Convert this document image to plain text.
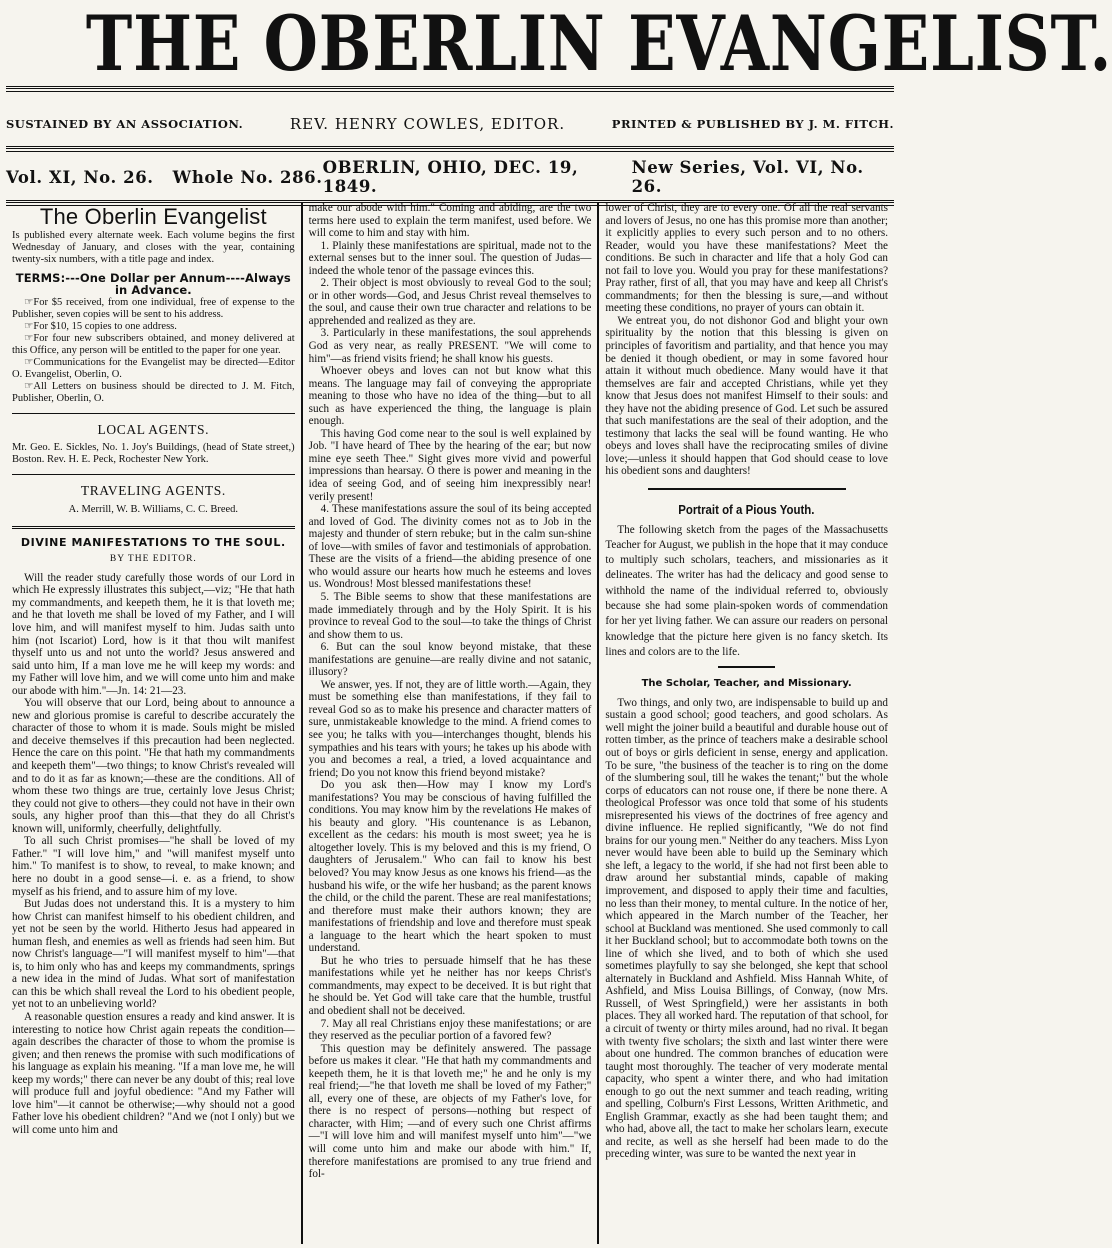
THE OBERLIN EVANGELIST.
SUSTAINED BY AN ASSOCIATION.	REV. HENRY COWLES, EDITOR.	PRINTED & PUBLISHED BY J. M. FITCH.
Vol. XI, No. 26.   Whole No. 286. OBERLIN, OHIO, DEC. 19, 1849.
New Series, Vol. VI, No. 26.
The Oberlin Evangelist

Is published every alternate week. Each volume begins the first Wednesday of January, and closes with the year, containing twenty-six numbers, with a title page and index.

TERMS:---One Dollar per Annum----Always in Advance.

☞For $5 received, from one individual, free of expense to the Publisher, seven copies will be sent to his address.

☞For $10, 15 copies to one address.

☞For four new subscribers obtained, and money delivered at this Office, any person will be entitled to the paper for one year.

☞Communications for the Evangelist may be directed—Editor O. Evangelist, Oberlin, O.

☞All Letters on business should be directed to J. M. Fitch, Publisher, Oberlin, O.

LOCAL AGENTS.

Mr. Geo. E. Sickles, No. 1. Joy's Buildings, (head of State street,) Boston. Rev. H. E. Peck, Rochester New York.

TRAVELING AGENTS.

A. Merrill, W. B. Williams, C. C. Breed.

DIVINE MANIFESTATIONS TO THE SOUL.
BY THE EDITOR.

Will the reader study carefully those words of our Lord in which He expressly illustrates this subject,—viz; "He that hath my commandments, and keepeth them, he it is that loveth me; and he that loveth me shall be loved of my Father, and I will love him, and will manifest myself to him. Judas saith unto him (not Iscariot) Lord, how is it that thou wilt manifest thyself unto us and not unto the world? Jesus answered and said unto him, If a man love me he will keep my words: and my Father will love him, and we will come unto him and make our abode with him."—Jn. 14: 21—23.

You will observe that our Lord, being about to announce a new and glorious promise is careful to describe accurately the character of those to whom it is made. Souls might be misled and deceive themselves if this precaution had been neglected. Hence the care on this point. "He that hath my commandments and keepeth them"—two things; to know Christ's revealed will and to do it as far as known;—these are the conditions. All of whom these two things are true, certainly love Jesus Christ; they could not give to others—they could not have in their own souls, any higher proof than this—that they do all Christ's known will, uniformly, cheerfully, delightfully.

To all such Christ promises—"he shall be loved of my Father." "I will love him," and "will manifest myself unto him." To manifest is to show, to reveal, to make known; and here no doubt in a good sense—i. e. as a friend, to show myself as his friend, and to assure him of my love.

But Judas does not understand this. It is a mystery to him how Christ can manifest himself to his obedient children, and yet not be seen by the world. Hitherto Jesus had appeared in human flesh, and enemies as well as friends had seen him. But now Christ's language—"I will manifest myself to him"—that is, to him only who has and keeps my commandments, springs a new idea in the mind of Judas. What sort of manifestation can this be which shall reveal the Lord to his obedient people, yet not to an unbelieving world?

A reasonable question ensures a ready and kind answer. It is interesting to notice how Christ again repeats the condition—again describes the character of those to whom the promise is given; and then renews the promise with such modifications of his language as explain his meaning. "If a man love me, he will keep my words;" there can never be any doubt of this; real love will produce full and joyful obedience: "And my Father will love him"—it cannot be otherwise;—why should not a good Father love his obedient children? "And we (not I only) but we will come unto him and

make our abode with him." Coming and abiding, are the two terms here used to explain the term manifest, used before. We will come to him and stay with him.

1. Plainly these manifestations are spiritual, made not to the external senses but to the inner soul. The question of Judas—indeed the whole tenor of the passage evinces this.

2. Their object is most obviously to reveal God to the soul; or in other words—God, and Jesus Christ reveal themselves to the soul, and cause their own true character and relations to be apprehended and realized as they are.

3. Particularly in these manifestations, the soul apprehends God as very near, as really PRESENT. "We will come to him"—as friend visits friend; he shall know his guests.

Whoever obeys and loves can not but know what this means. The language may fail of conveying the appropriate meaning to those who have no idea of the thing—but to all such as have experienced the thing, the language is plain enough.

This having God come near to the soul is well explained by Job. "I have heard of Thee by the hearing of the ear; but now mine eye seeth Thee." Sight gives more vivid and powerful impressions than hearsay. O there is power and meaning in the idea of seeing God, and of seeing him inexpressibly near! verily present!

4. These manifestations assure the soul of its being accepted and loved of God. The divinity comes not as to Job in the majesty and thunder of stern rebuke; but in the calm sun-shine of love—with smiles of favor and testimonials of approbation. These are the visits of a friend—the abiding presence of one who would assure our hearts how much he esteems and loves us. Wondrous! Most blessed manifestations these!

5. The Bible seems to show that these manifestations are made immediately through and by the Holy Spirit. It is his province to reveal God to the soul—to take the things of Christ and show them to us.

6. But can the soul know beyond mistake, that these manifestations are genuine—are really divine and not satanic, illusory?

We answer, yes. If not, they are of little worth.—Again, they must be something else than manifestations, if they fail to reveal God so as to make his presence and character matters of sure, unmistakeable knowledge to the mind. A friend comes to see you; he talks with you—interchanges thought, blends his sympathies and his tears with yours; he takes up his abode with you and becomes a real, a tried, a loved acquaintance and friend; Do you not know this friend beyond mistake?

Do you ask then—How may I know my Lord's manifestations? You may be conscious of having fulfilled the conditions. You may know him by the revelations He makes of his beauty and glory. "His countenance is as Lebanon, excellent as the cedars: his mouth is most sweet; yea he is altogether lovely. This is my beloved and this is my friend, O daughters of Jerusalem." Who can fail to know his best beloved? You may know Jesus as one knows his friend—as the husband his wife, or the wife her husband; as the parent knows the child, or the child the parent. These are real manifestations; and therefore must make their authors known; they are manifestations of friendship and love and therefore must speak a language to the heart which the heart spoken to must understand.

But he who tries to persuade himself that he has these manifestations while yet he neither has nor keeps Christ's commandments, may expect to be deceived. It is but right that he should be. Yet God will take care that the humble, trustful and obedient shall not be deceived.

7. May all real Christians enjoy these manifestations; or are they reserved as the peculiar portion of a favored few?

This question may be definitely answered. The passage before us makes it clear. "He that hath my commandments and keepeth them, he it is that loveth me;" he and he only is my real friend;—"he that loveth me shall be loved of my Father;" all, every one of these, are objects of my Father's love, for there is no respect of persons—nothing but respect of character, with Him; —and of every such one Christ affirms—"I will love him and will manifest myself unto him"—"we will come unto him and make our abode with him." If, therefore manifestations are promised to any true friend and fol-

lower of Christ, they are to every one. Of all the real servants and lovers of Jesus, no one has this promise more than another; it explicitly applies to every such person and to no others. Reader, would you have these manifestations? Meet the conditions. Be such in character and life that a holy God can not fail to love you. Would you pray for these manifestations? Pray rather, first of all, that you may have and keep all Christ's commandments; for then the blessing is sure,—and without meeting these conditions, no prayer of yours can obtain it.

We entreat you, do not dishonor God and blight your own spirituality by the notion that this blessing is given on principles of favoritism and partiality, and that hence you may be denied it though obedient, or may in some favored hour attain it without much obedience. Many would have it that themselves are fair and accepted Christians, while yet they know that Jesus does not manifest Himself to their souls: and they have not the abiding presence of God. Let such be assured that such manifestations are the seal of their adoption, and the testimony that lacks the seal will be found wanting. He who obeys and loves shall have the reciprocating smiles of divine love;—unless it should happen that God should cease to love his obedient sons and daughters!

Portrait of a Pious Youth.

The following sketch from the pages of the Massachusetts Teacher for August, we publish in the hope that it may conduce to multiply such scholars, teachers, and missionaries as it delineates. The writer has had the delicacy and good sense to withhold the name of the individual referred to, obviously because she had some plain-spoken words of commendation for her yet living father. We can assure our readers on personal knowledge that the picture here given is no fancy sketch. Its lines and colors are to the life.

The Scholar, Teacher, and Missionary.

Two things, and only two, are indispensable to build up and sustain a good school; good teachers, and good scholars. As well might the joiner build a beautiful and durable house out of rotten timber, as the prince of teachers make a desirable school out of boys or girls deficient in sense, energy and application. To be sure, "the business of the teacher is to ring on the dome of the slumbering soul, till he wakes the tenant;" but the whole corps of educators can not rouse one, if there be none there. A theological Professor was once told that some of his students misrepresented his views of the doctrines of free agency and divine influence. He replied significantly, "We do not find brains for our young men." Neither do any teachers. Miss Lyon never would have been able to build up the Seminary which she left, a legacy to the world, if she had not first been able to draw around her substantial minds, capable of making improvement, and disposed to apply their time and faculties, no less than their money, to mental culture. In the notice of her, which appeared in the March number of the Teacher, her school at Buckland was mentioned. She used commonly to call it her Buckland school; but to accommodate both towns on the line of which she lived, and to both of which she used sometimes playfully to say she belonged, she kept that school alternately in Buckland and Ashfield. Miss Hannah White, of Ashfield, and Miss Louisa Billings, of Conway, (now Mrs. Russell, of West Springfield,) were her assistants in both places. They all worked hard. The reputation of that school, for a circuit of twenty or thirty miles around, had no rival. It began with twenty five scholars; the sixth and last winter there were about one hundred. The common branches of education were taught most thoroughly. The teacher of very moderate mental capacity, who spent a winter there, and who had imitation enough to go out the next summer and teach reading, writing and spelling, Colburn's First Lessons, Written Arithmetic, and English Grammar, exactly as she had been taught them; and who had, above all, the tact to make her scholars learn, execute and recite, as well as she herself had been made to do the preceding winter, was sure to be wanted the next year in
